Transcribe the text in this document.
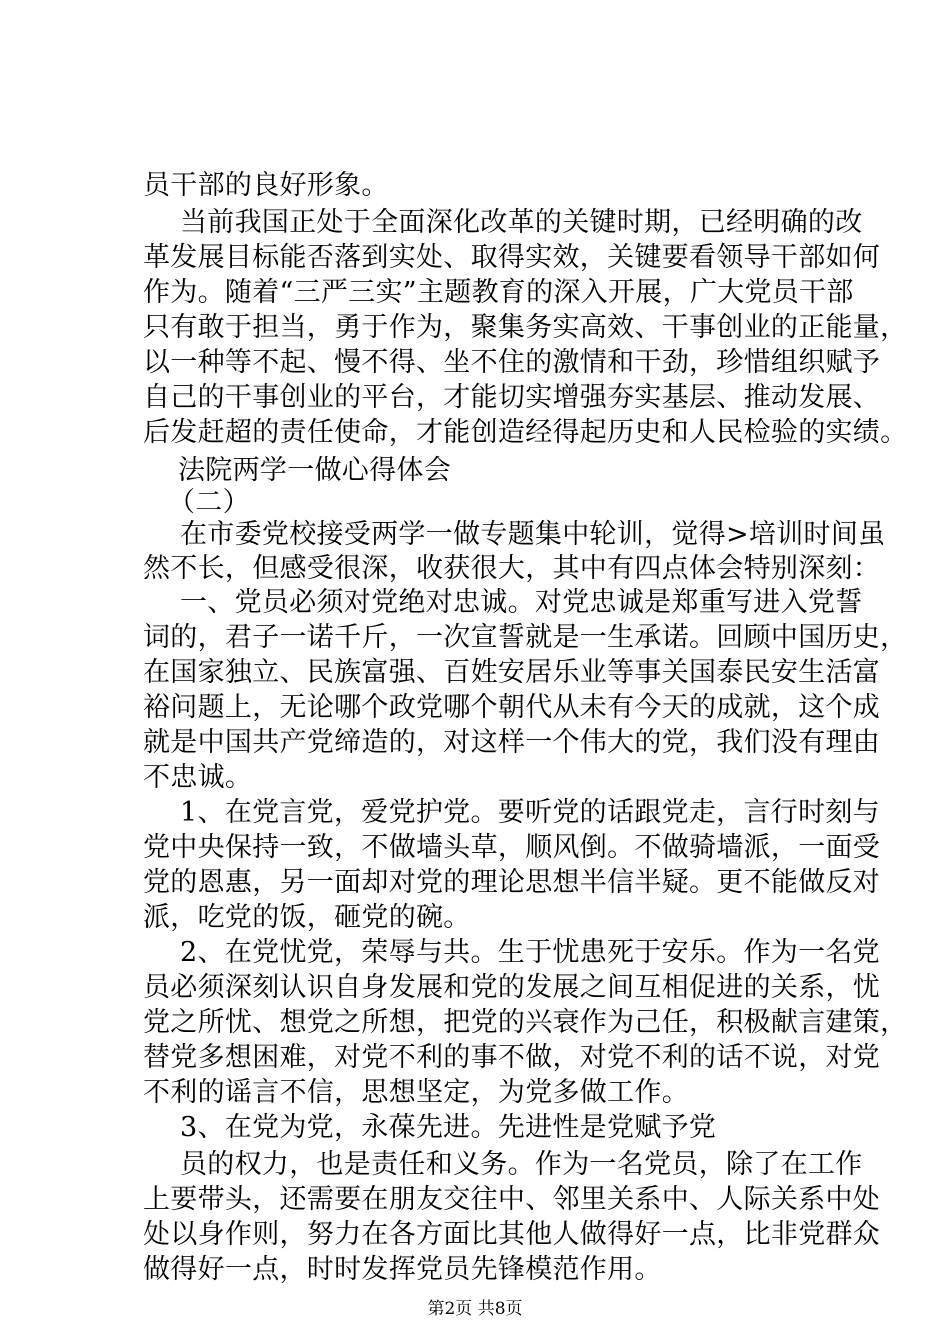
员干部的良好形象。
当前我国正处于全面深化改革的关键时期，已经明确的改
革发展目标能否落到实处、取得实效，关键要看领导干部如何
作为。随着“三严三实”主题教育的深入开展，广大党员干部
只有敢于担当，勇于作为，聚集务实高效、干事创业的正能量，
以一种等不起、慢不得、坐不住的激情和干劲，珍惜组织赋予
自己的干事创业的平台，才能切实增强夯实基层、推动发展、
后发赶超的责任使命，才能创造经得起历史和人民检验的实绩。
法院两学一做心得体会
（二）
在市委党校接受两学一做专题集中轮训，觉得>培训时间虽
然不长，但感受很深，收获很大，其中有四点体会特别深刻：
一、党员必须对党绝对忠诚。对党忠诚是郑重写进入党誓
词的，君子一诺千斤，一次宣誓就是一生承诺。回顾中国历史，
在国家独立、民族富强、百姓安居乐业等事关国泰民安生活富
裕问题上，无论哪个政党哪个朝代从未有今天的成就，这个成
就是中国共产党缔造的，对这样一个伟大的党，我们没有理由
不忠诚。
1、在党言党，爱党护党。要听党的话跟党走，言行时刻与
党中央保持一致，不做墙头草，顺风倒。不做骑墙派，一面受
党的恩惠，另一面却对党的理论思想半信半疑。更不能做反对
派，吃党的饭，砸党的碗。
2、在党忧党，荣辱与共。生于忧患死于安乐。作为一名党
员必须深刻认识自身发展和党的发展之间互相促进的关系，忧
党之所忧、想党之所想，把党的兴衰作为己任，积极献言建策，
替党多想困难，对党不利的事不做，对党不利的话不说，对党
不利的谣言不信，思想坚定，为党多做工作。
3、在党为党，永葆先进。先进性是党赋予党
员的权力，也是责任和义务。作为一名党员，除了在工作
上要带头，还需要在朋友交往中、邻里关系中、人际关系中处
处以身作则，努力在各方面比其他人做得好一点，比非党群众
做得好一点，时时发挥党员先锋模范作用。
第2页 共8页
